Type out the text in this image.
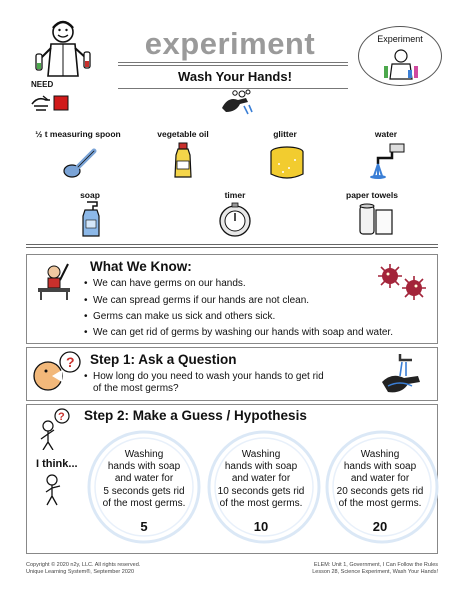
NEED
experiment
Wash Your Hands!
Experiment
½ t measuring spoon	vegetable oil	glitter	water
soap	timer	paper towels
What We Know:
• We can have germs on our hands.
• We can spread germs if our hands are not clean.
• Germs can make us sick and others sick.
• We can get rid of germs by washing our hands with soap and water.
? Step 1: Ask a Question
• How long do you need to wash your hands to get rid
of the most germs?
?
I think...
Step 2: Make a Guess / Hypothesis
Washing
hands with soap
and water for
5 seconds gets rid
of the most germs.
5
Washing
hands with soap
and water for
10 seconds gets rid
of the most germs.
10
Washing
hands with soap
and water for
20 seconds gets rid
of the most germs.
20
Copyright © 2020 n2y, LLC. All rights reserved.
Unique Learning System®, September 2020
ELEM: Unit 1, Government, I Can Follow the Rules
Lesson 28, Science Experiment, Wash Your Hands!
